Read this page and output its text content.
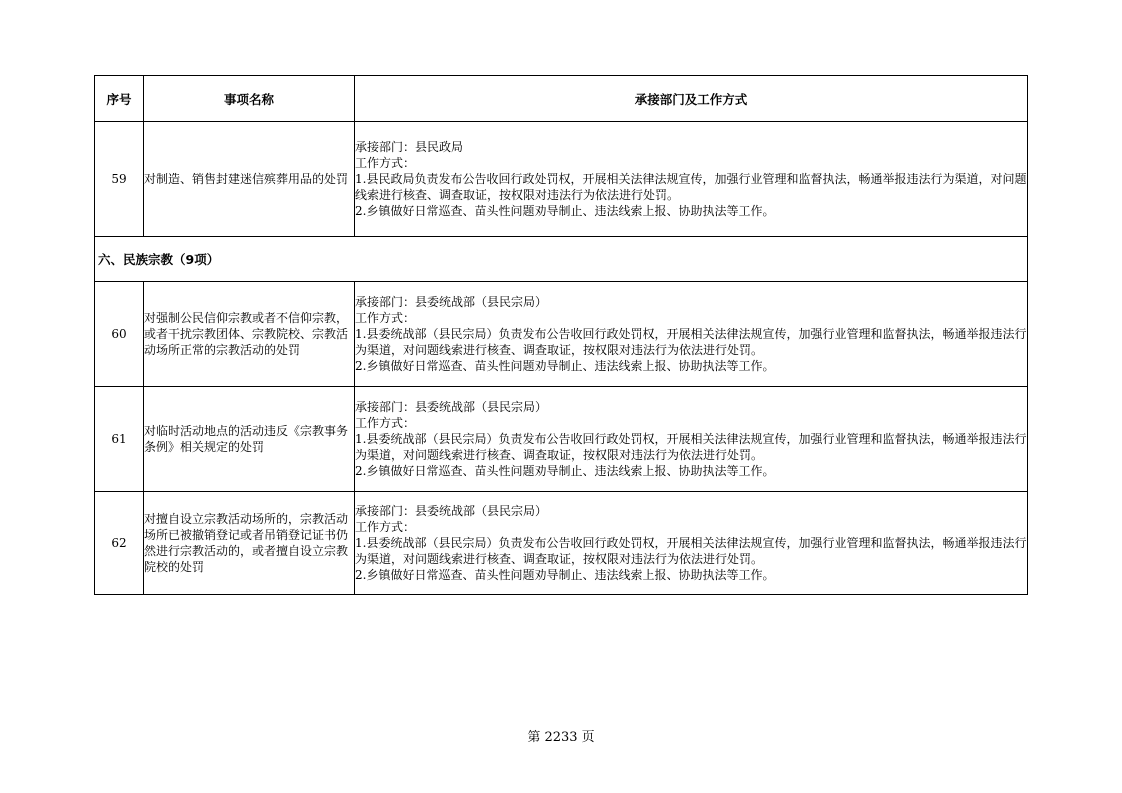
序号	事项名称	承接部门及工作方式
59	对制造、销售封建迷信殡葬用品的处罚	承接部门：县民政局
工作方式：
1.县民政局负责发布公告收回行政处罚权，开展相关法律法规宣传，加强行业管理和监督执法，畅通举报违法行为渠道，对问题线索进行核查、调查取证，按权限对违法行为依法进行处罚。
2.乡镇做好日常巡查、苗头性问题劝导制止、违法线索上报、协助执法等工作。

六、民族宗教（9项）		
60	对强制公民信仰宗教或者不信仰宗教，或者干扰宗教团体、宗教院校、宗教活动场所正常的宗教活动的处罚	承接部门：县委统战部（县民宗局）
工作方式：
1.县委统战部（县民宗局）负责发布公告收回行政处罚权，开展相关法律法规宣传，加强行业管理和监督执法，畅通举报违法行为渠道，对问题线索进行核查、调查取证，按权限对违法行为依法进行处罚。
2.乡镇做好日常巡查、苗头性问题劝导制止、违法线索上报、协助执法等工作。

61	对临时活动地点的活动违反《宗教事务条例》相关规定的处罚	承接部门：县委统战部（县民宗局）
工作方式：
1.县委统战部（县民宗局）负责发布公告收回行政处罚权，开展相关法律法规宣传，加强行业管理和监督执法，畅通举报违法行为渠道，对问题线索进行核查、调查取证，按权限对违法行为依法进行处罚。
2.乡镇做好日常巡查、苗头性问题劝导制止、违法线索上报、协助执法等工作。

62	对擅自设立宗教活动场所的，宗教活动场所已被撤销登记或者吊销登记证书仍然进行宗教活动的，或者擅自设立宗教院校的处罚	承接部门：县委统战部（县民宗局）
工作方式：
1.县委统战部（县民宗局）负责发布公告收回行政处罚权，开展相关法律法规宣传，加强行业管理和监督执法，畅通举报违法行为渠道，对问题线索进行核查、调查取证，按权限对违法行为依法进行处罚。
2.乡镇做好日常巡查、苗头性问题劝导制止、违法线索上报、协助执法等工作。
第 2233 页
